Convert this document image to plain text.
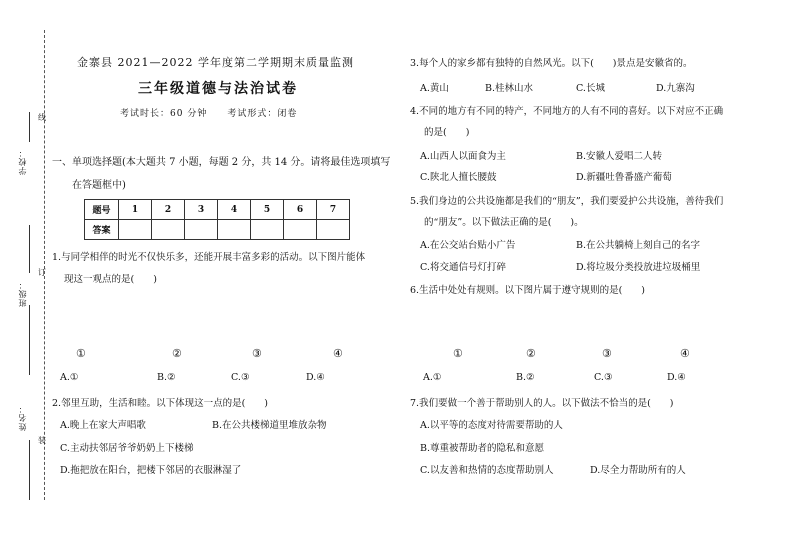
线
订
装
学校：
班级：
姓名：
金寨县 2021—2022 学年度第二学期期末质量监测
三年级道德与法治试卷
考试时长：60 分钟　　考试形式：闭卷
一、单项选择题(本大题共 7 小题，每题 2 分，共 14 分。请将最佳选项填写
在答题框中)
题号	1	2	3	4	5	6	7
答案							
1.与同学相伴的时光不仅快乐多，还能开展丰富多彩的活动。以下图片能体
现这一观点的是(　　)
①	②	③	④
A.①	B.②	C.③	D.④
2.邻里互助，生活和睦。以下体现这一点的是(　　)
A.晚上在家大声唱歌	B.在公共楼梯道里堆放杂物
C.主动扶邻居爷爷奶奶上下楼梯
D.拖把放在阳台，把楼下邻居的衣服淋湿了
3.每个人的家乡都有独特的自然风光。以下(　　)景点是安徽省的。
A.黄山	B.桂林山水	C.长城	D.九寨沟
4.不同的地方有不同的特产，不同地方的人有不同的喜好。以下对应不正确
的是(　　)
A.山西人以面食为主	B.安徽人爱唱二人转
C.陕北人擅长腰鼓	D.新疆吐鲁番盛产葡萄
5.我们身边的公共设施都是我们的“朋友”，我们要爱护公共设施，善待我们
的“朋友”。以下做法正确的是(　　)。
A.在公交站台贴小广告	B.在公共躺椅上刻自己的名字
C.将交通信号灯打碎	D.将垃圾分类投放进垃圾桶里
6.生活中处处有规则。以下图片属于遵守规则的是(　　)
①	②	③	④
A.①	B.②	C.③	D.④
7.我们要做一个善于帮助别人的人。以下做法不恰当的是(　　)
A.以平等的态度对待需要帮助的人
B.尊重被帮助者的隐私和意愿
C.以友善和热情的态度帮助别人	D.尽全力帮助所有的人
